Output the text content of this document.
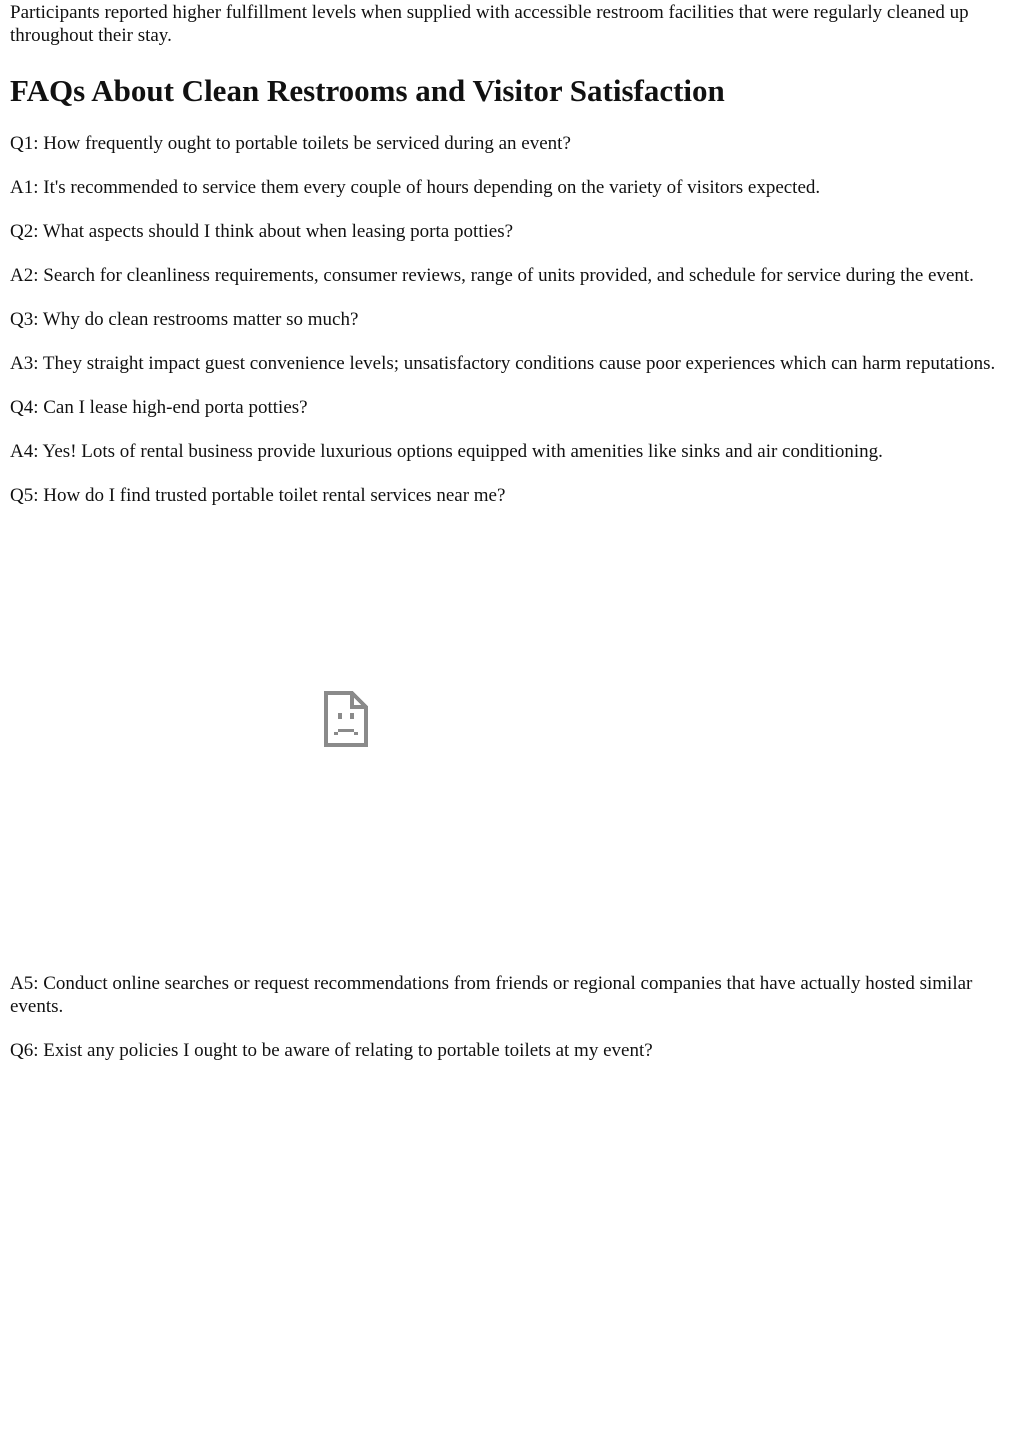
Participants reported higher fulfillment levels when supplied with accessible restroom facilities that were regularly cleaned up throughout their stay.

FAQs About Clean Restrooms and Visitor Satisfaction

Q1: How frequently ought to portable toilets be serviced during an event?

A1: It's recommended to service them every couple of hours depending on the variety of visitors expected.

Q2: What aspects should I think about when leasing porta potties?

A2: Search for cleanliness requirements, consumer reviews, range of units provided, and schedule for service during the event.

Q3: Why do clean restrooms matter so much?

A3: They straight impact guest convenience levels; unsatisfactory conditions cause poor experiences which can harm reputations.

Q4: Can I lease high-end porta potties?

A4: Yes! Lots of rental business provide luxurious options equipped with amenities like sinks and air conditioning.

Q5: How do I find trusted portable toilet rental services near me?

A5: Conduct online searches or request recommendations from friends or regional companies that have actually hosted similar events.

Q6: Exist any policies I ought to be aware of relating to portable toilets at my event?
